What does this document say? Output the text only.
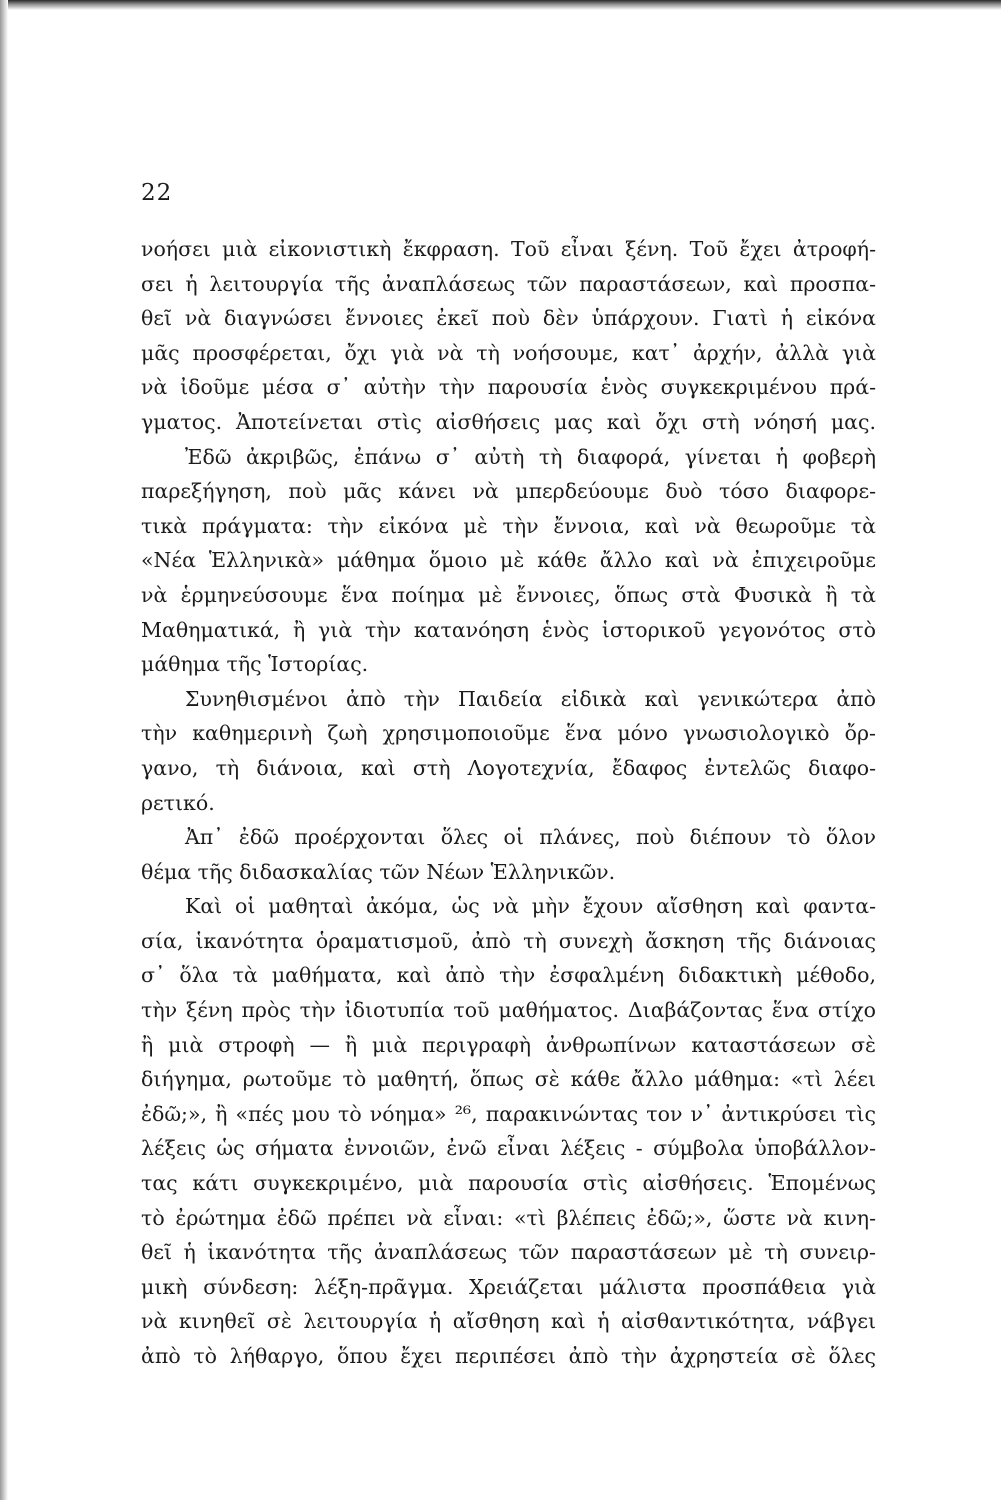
22
νοήσει μιὰ εἰκονιστικὴ ἔκφραση. Τοῦ εἶναι ξένη. Τοῦ ἔχει ἀτροφή-
σει ἡ λειτουργία τῆς ἀναπλάσεως τῶν παραστάσεων, καὶ προσπα-
θεῖ νὰ διαγνώσει ἔννοιες ἐκεῖ ποὺ δὲν ὑπάρχουν. Γιατὶ ἡ εἰκόνα
μᾶς προσφέρεται, ὄχι γιὰ νὰ τὴ νοήσουμε, κατ᾽ ἀρχήν, ἀλλὰ γιὰ
νὰ ἰδοῦμε μέσα σ᾽ αὐτὴν τὴν παρουσία ἑνὸς συγκεκριμένου πρά-
γματος. Ἀποτείνεται στὶς αἰσθήσεις μας καὶ ὄχι στὴ νόησή μας.
Ἐδῶ ἀκριβῶς, ἐπάνω σ᾽ αὐτὴ τὴ διαφορά, γίνεται ἡ φοβερὴ
παρεξήγηση, ποὺ μᾶς κάνει νὰ μπερδεύουμε δυὸ τόσο διαφορε-
τικὰ πράγματα: τὴν εἰκόνα μὲ τὴν ἔννοια, καὶ νὰ θεωροῦμε τὰ
«Νέα Ἑλληνικὰ» μάθημα ὅμοιο μὲ κάθε ἄλλο καὶ νὰ ἐπιχειροῦμε
νὰ ἑρμηνεύσουμε ἕνα ποίημα μὲ ἔννοιες, ὅπως στὰ Φυσικὰ ἢ τὰ
Μαθηματικά, ἢ γιὰ τὴν κατανόηση ἑνὸς ἱστορικοῦ γεγονότος στὸ
μάθημα τῆς Ἱστορίας.
Συνηθισμένοι ἀπὸ τὴν Παιδεία εἰδικὰ καὶ γενικώτερα ἀπὸ
τὴν καθημερινὴ ζωὴ χρησιμοποιοῦμε ἕνα μόνο γνωσιολογικὸ ὄρ-
γανο, τὴ διάνοια, καὶ στὴ Λογοτεχνία, ἔδαφος ἐντελῶς διαφο-
ρετικό.
Ἀπ᾽ ἐδῶ προέρχονται ὅλες οἱ πλάνες, ποὺ διέπουν τὸ ὅλον
θέμα τῆς διδασκαλίας τῶν Νέων Ἑλληνικῶν.
Καὶ οἱ μαθηταὶ ἀκόμα, ὡς νὰ μὴν ἔχουν αἴσθηση καὶ φαντα-
σία, ἱκανότητα ὁραματισμοῦ, ἀπὸ τὴ συνεχὴ ἄσκηση τῆς διάνοιας
σ᾽ ὅλα τὰ μαθήματα, καὶ ἀπὸ τὴν ἐσφαλμένη διδακτικὴ μέθοδο,
τὴν ξένη πρὸς τὴν ἰδιοτυπία τοῦ μαθήματος. Διαβάζοντας ἕνα στίχο
ἢ μιὰ στροφὴ — ἢ μιὰ περιγραφὴ ἀνθρωπίνων καταστάσεων σὲ
διήγημα, ρωτοῦμε τὸ μαθητή, ὅπως σὲ κάθε ἄλλο μάθημα: «τὶ λέει
ἐδῶ;», ἢ «πές μου τὸ νόημα» ²⁶, παρακινώντας τον ν᾽ ἀντικρύσει τὶς
λέξεις ὡς σήματα ἐννοιῶν, ἐνῶ εἶναι λέξεις - σύμβολα ὑποβάλλον-
τας κάτι συγκεκριμένο, μιὰ παρουσία στὶς αἰσθήσεις. Ἑπομένως
τὸ ἐρώτημα ἐδῶ πρέπει νὰ εἶναι: «τὶ βλέπεις ἐδῶ;», ὥστε νὰ κινη-
θεῖ ἡ ἱκανότητα τῆς ἀναπλάσεως τῶν παραστάσεων μὲ τὴ συνειρ-
μικὴ σύνδεση: λέξη-πρᾶγμα. Χρειάζεται μάλιστα προσπάθεια γιὰ
νὰ κινηθεῖ σὲ λειτουργία ἡ αἴσθηση καὶ ἡ αἰσθαντικότητα, νάβγει
ἀπὸ τὸ λήθαργο, ὅπου ἔχει περιπέσει ἀπὸ τὴν ἀχρηστεία σὲ ὅλες
